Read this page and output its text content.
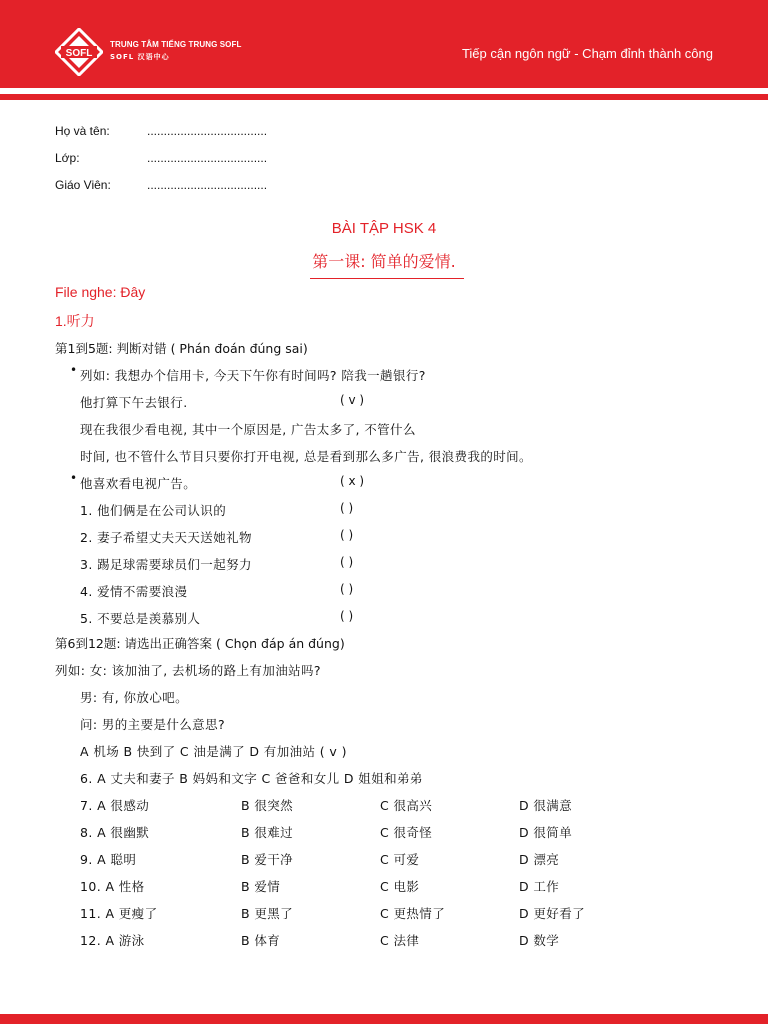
SOFL
TRUNG TÂM TIẾNG TRUNG SOFL
SOFL 汉语中心	Tiếp cận ngôn ngữ - Chạm đỉnh thành công
Họ và tên:	....................................
Lớp:	....................................
Giáo Viên:	....................................
BÀI TẬP HSK 4
第一课: 简单的爱情.
File nghe: Đây
1.听力
第1到5题: 判断对错 ( Phán đoán đúng sai)
• 列如: 我想办个信用卡, 今天下午你有时间吗? 陪我一趟银行?
他打算下午去银行.	( v )
现在我很少看电视, 其中一个原因是, 广告太多了, 不管什么
时间, 也不管什么节目只要你打开电视, 总是看到那么多广告, 很浪费我的时间。
• 他喜欢看电视广告。	( x )
1. 他们俩是在公司认识的	( )
2. 妻子希望丈夫天天送她礼物	( )
3. 踢足球需要球员们一起努力	( )
4. 爱情不需要浪漫	( )
5. 不要总是羡慕别人	( )
第6到12题: 请选出正确答案 ( Chọn đáp án đúng)
列如: 女: 该加油了, 去机场的路上有加油站吗?
男: 有, 你放心吧。
问: 男的主要是什么意思?
A 机场 B 快到了 C 油是满了 D 有加油站 ( v )
6. A 丈夫和妻子 B 妈妈和文字 C 爸爸和女儿 D 姐姐和弟弟
7. A 很感动	B 很突然	C 很高兴	D 很满意
8. A 很幽默	B 很难过	C 很奇怪	D 很简单
9. A 聪明	B 爱干净	C 可爱	D 漂亮
10. A 性格	B 爱情	C 电影	D 工作
11. A 更瘦了	B 更黑了	C 更热情了	D 更好看了
12. A 游泳	B 体育	C 法律	D 数学
